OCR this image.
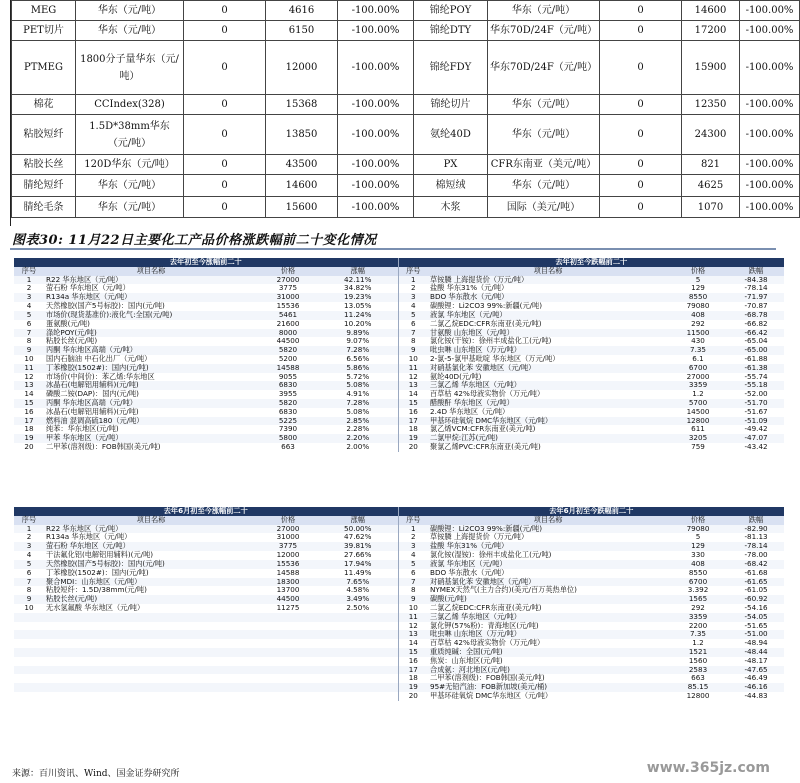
MEG	华东（元/吨）	0	4616	-100.00%	锦纶POY	华东（元/吨）	0	14600	-100.00%
PET切片	华东（元/吨）	0	6150	-100.00%	锦纶DTY	华东70D/24F（元/吨）	0	17200	-100.00%
PTMEG	1800分子量华东（元/吨）	0	12000	-100.00%	锦纶FDY	华东70D/24F（元/吨）	0	15900	-100.00%
棉花	CCIndex(328)	0	15368	-100.00%	锦纶切片	华东（元/吨）	0	12350	-100.00%
粘胶短纤	1.5D*38mm华东（元/吨）	0	13850	-100.00%	氨纶40D	华东（元/吨）	0	24300	-100.00%
粘胶长丝	120D华东（元/吨）	0	43500	-100.00%	PX	CFR东南亚（美元/吨）	0	821	-100.00%
腈纶短纤	华东（元/吨）	0	14600	-100.00%	棉短绒	华东（元/吨）	0	4625	-100.00%
腈纶毛条	华东（元/吨）	0	15600	-100.00%	木浆	国际（美元/吨）	0	1070	-100.00%
图表30: 11月22日主要化工产品价格涨跌幅前二十变化情况
去年初至今涨幅前二十				去年初至今跌幅前二十			
序号	项目名称	价格	涨幅	序号	项目名称	价格	跌幅
1	R22 华东地区（元/吨）	27000	42.11%	1	草铵膦 上海提货价（万元/吨）	5	-84.38
2	萤石粉 华东地区（元/吨）	3775	34.82%	2	盐酸 华东31%（元/吨）	129	-78.14
3	R134a 华东地区（元/吨）	31000	19.23%	3	BDO 华东散水（元/吨）	8550	-71.97
4	天然橡胶(国产5号标胶)：国内(元/吨)	15536	13.05%	4	碳酸锂：Li2CO3 99%:新疆(元/吨)	79080	-70.87
5	市场价(现货基准价):液化气:全国(元/吨)	5461	11.24%	5	液氯 华东地区（元/吨）	408	-68.78
6	蛋氨酸(元/吨)	21600	10.20%	6	二氯乙烷EDC:CFR东南亚(美元/吨)	292	-66.82
7	涤纶POY(元/吨)	8000	9.89%	7	甘氨酸 山东地区（元/吨）	11500	-66.42
8	粘胶长丝(元/吨)	44500	9.07%	8	氯化铵(干铵)：徐州丰成盐化工(元/吨)	430	-65.04
9	丙酮 华东地区高端（元/吨）	5820	7.28%	9	吡虫啉 山东地区（万元/吨）	7.35	-65.00
10	国内石脑油 中石化出厂（元/吨）	5200	6.56%	10	2-氯-5-氯甲基吡啶 华东地区（万元/吨）	6.1	-61.88
11	丁苯橡胶(1502#)：国内(元/吨)	14588	5.86%	11	对硝基氯化苯 安徽地区（元/吨）	6700	-61.38
12	市场价(中间价)：苯乙烯:华东地区	9055	5.72%	12	氨纶40D(元/吨)	27000	-55.74
13	冰晶石(电解铝用辅料)(元/吨)	6830	5.08%	13	三氯乙烯 华东地区（元/吨）	3359	-55.18
14	磷酸二铵(DAP)：国内(元/吨)	3955	4.91%	14	百草枯 42%母液实物价（万元/吨）	1.2	-52.00
15	丙酮 华东地区高端（元/吨）	5820	7.28%	15	醋酸酐 华东地区（元/吨）	5700	-51.70
16	冰晶石(电解铝用辅料)(元/吨)	6830	5.08%	16	2.4D 华东地区（元/吨）	14500	-51.67
17	燃料油 混调高硫180（元/吨）	5225	2.85%	17	甲基环硅氧烷 DMC华东地区（元/吨）	12800	-51.09
18	纯苯：华东地区(元/吨)	7390	2.28%	18	氯乙烯VCM:CFR东南亚(美元/吨)	611	-49.42
19	甲苯 华东地区（元/吨）	5800	2.20%	19	二氯甲烷:江苏(元/吨)	3205	-47.07
20	二甲苯(溶剂级)：FOB韩国(美元/吨)	663	2.00%	20	聚氯乙烯PVC:CFR东南亚(美元/吨)	759	-43.42
去年6月初至今涨幅前二十				去年6月初至今跌幅前二十			
序号	项目名称	价格	涨幅	序号	项目名称	价格	跌幅
1	R22 华东地区（元/吨）	27000	50.00%	1	碳酸锂：Li2CO3 99%:新疆(元/吨)	79080	-82.90
2	R134a 华东地区（元/吨）	31000	47.62%	2	草铵膦 上海提货价（万元/吨）	5	-81.13
3	萤石粉 华东地区（元/吨）	3775	39.81%	3	盐酸 华东31%（元/吨）	129	-78.14
4	干法氟化铝(电解铝用辅料)(元/吨)	12000	27.66%	4	氯化铵(湿铵)：徐州丰成盐化工(元/吨)	330	-78.00
5	天然橡胶(国产5号标胶)：国内(元/吨)	15536	17.94%	5	液氯 华东地区（元/吨）	408	-68.42
6	丁苯橡胶(1502#)：国内(元/吨)	14588	11.49%	6	BDO 华东散水（元/吨）	8550	-61.68
7	聚合MDI：山东地区（元/吨）	18300	7.65%	7	对硝基氯化苯 安徽地区（元/吨）	6700	-61.65
8	粘胶短纤：1.5D/38mm(元/吨)	13700	4.58%	8	NYMEX天然气(主力合约)(美元/百万英热单位)	3.392	-61.05
9	粘胶长丝(元/吨)	44500	3.49%	9	碳酸(元/吨)	1565	-60.92
10	无水氢氟酸 华东地区（元/吨）	11275	2.50%	10	二氯乙烷EDC:CFR东南亚(美元/吨)	292	-54.16
				11	三氯乙烯 华东地区（元/吨）	3359	-54.05
				12	氯化钾(57%粉)：青海地区(元/吨)	2200	-51.65
				13	吡虫啉 山东地区（万元/吨）	7.35	-51.00
				14	百草枯 42%母液实物价（万元/吨）	1.2	-48.94
				15	重质纯碱：全国(元/吨)	1521	-48.44
				16	焦炭：山东地区(元/吨)	1560	-48.17
				17	合成氨：河北地区(元/吨)	2583	-47.65
				18	二甲苯(溶剂级)：FOB韩国(美元/吨)	663	-46.49
				19	95#无铅汽油：FOB新加坡(美元/桶)	85.15	-46.16
				20	甲基环硅氧烷 DMC华东地区（元/吨）	12800	-44.83
来源：百川资讯、Wind、国金证券研究所	www.365jz.com
